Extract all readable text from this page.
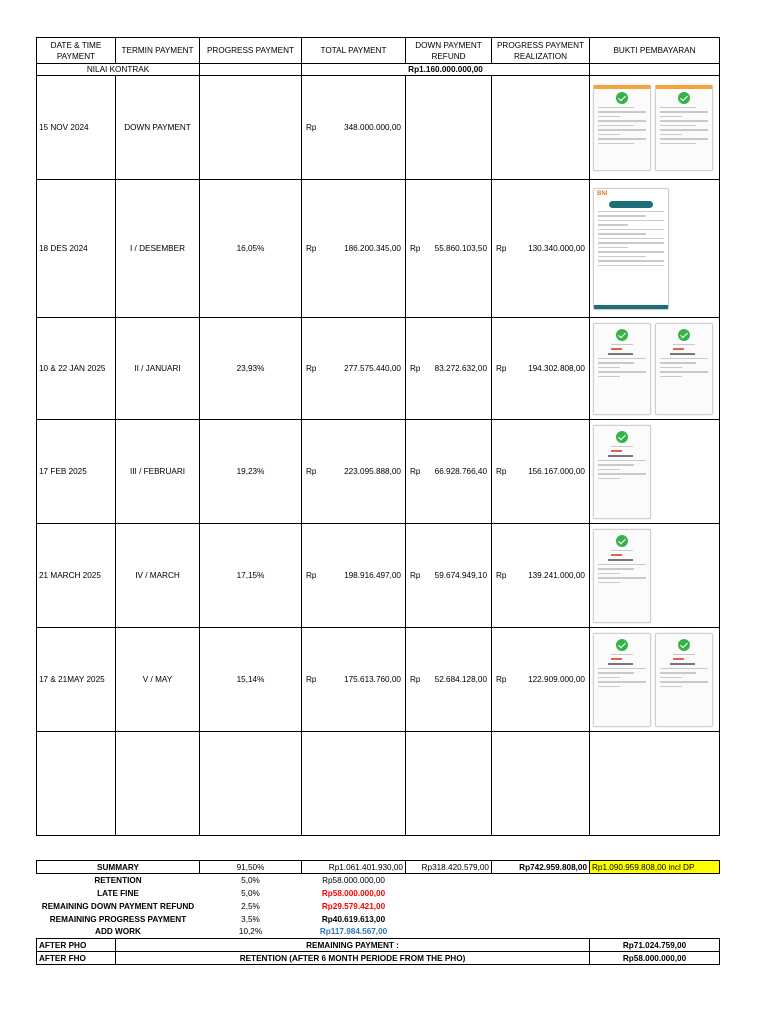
DATE & TIME PAYMENT	TERMIN PAYMENT	PROGRESS PAYMENT	TOTAL PAYMENT	DOWN PAYMENT REFUND	PROGRESS PAYMENT REALIZATION	BUKTI PEMBAYARAN
NILAI KONTRAK			Rp1.160.000.000,00			
15 NOV 2024	DOWN PAYMENT		Rp 348.000.000,00			

18 DES 2024	I / DESEMBER	16,05%	Rp 186.200.345,00	Rp 55.860.103,50	Rp 130.340.000,00	BNI

10 & 22 JAN 2025	II / JANUARI	23,93%	Rp 277.575.440,00	Rp 83.272.632,00	Rp 194.302.808,00	

17 FEB 2025	III / FEBRUARI	19,23%	Rp 223.095.888,00	Rp 66.928.766,40	Rp 156.167.000,00	

21 MARCH 2025	IV / MARCH	17,15%	Rp 198.916.497,00	Rp 59.674.949,10	Rp 139.241.000,00	

17 & 21MAY 2025	V / MAY	15,14%	Rp 175.613.760,00	Rp 52.684.128,00	Rp 122.909.000,00	

SUMMARY		91,50%	Rp1.061.401.930,00	Rp318.420.579,00	Rp742.959.808,00	Rp1.090.959.808,00 incl DP
RETENTION		5,0%	Rp58.000.000,00			
LATE FINE		5,0%	Rp58.000.000,00			
REMAINING DOWN PAYMENT REFUND		2,5%	Rp29.579.421,00			
REMAINING PROGRESS PAYMENT		3,5%	Rp40.619.613,00			
ADD WORK		10,2%	Rp117.984.567,00			
AFTER PHO	REMAINING PAYMENT :					Rp71.024.759,00
AFTER FHO	RETENTION (AFTER 6 MONTH PERIODE FROM THE PHO)					Rp58.000.000,00
